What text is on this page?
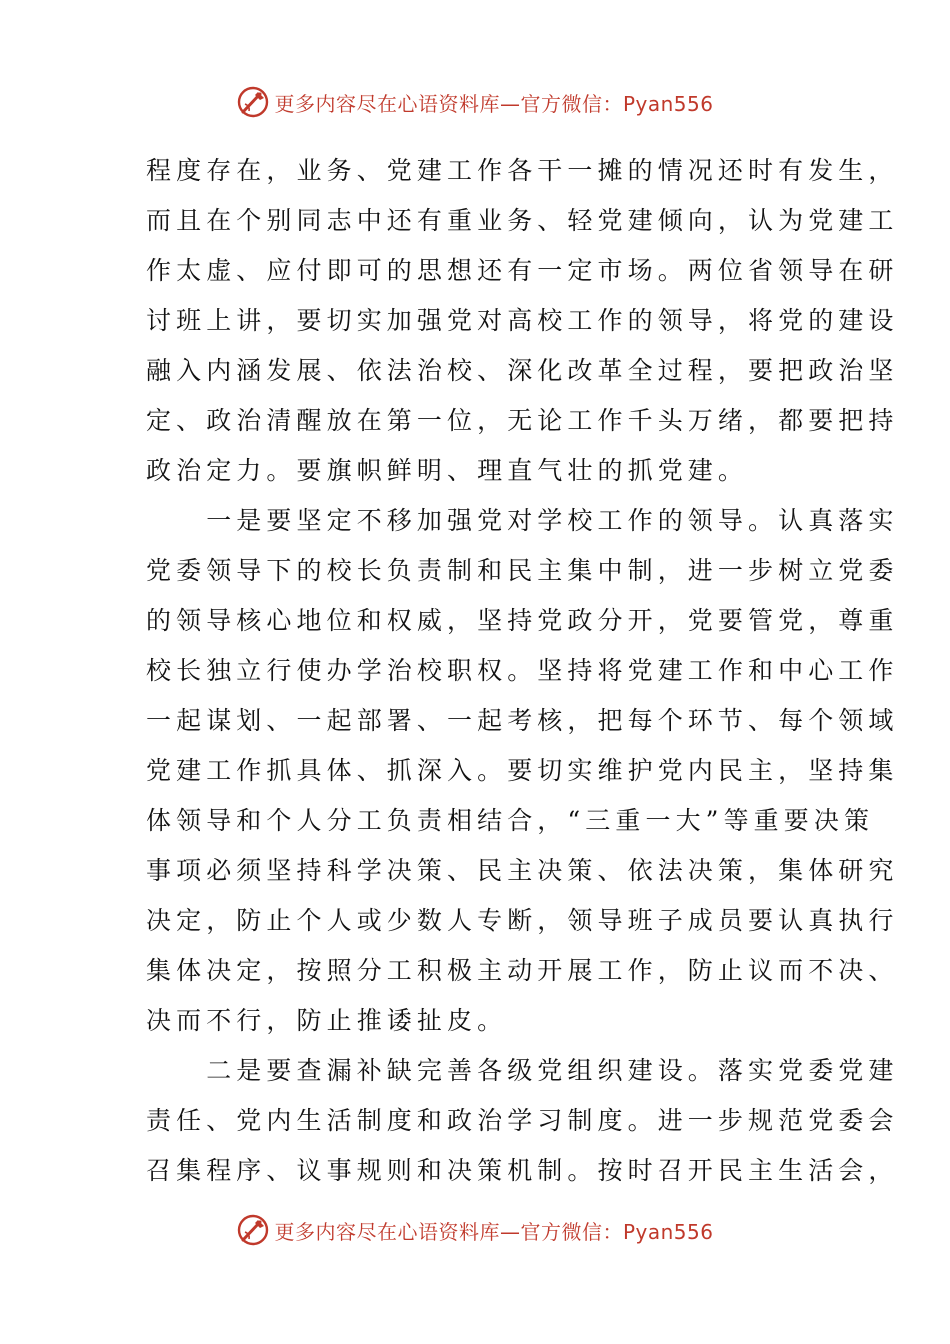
更多内容尽在心语资料库—官方微信：Pyan556
程度存在，业务、党建工作各干一摊的情况还时有发生，
而且在个别同志中还有重业务、轻党建倾向，认为党建工
作太虚、应付即可的思想还有一定市场。两位省领导在研
讨班上讲，要切实加强党对高校工作的领导，将党的建设
融入内涵发展、依法治校、深化改革全过程，要把政治坚
定、政治清醒放在第一位，无论工作千头万绪，都要把持
政治定力。要旗帜鲜明、理直气壮的抓党建。
　　一是要坚定不移加强党对学校工作的领导。认真落实
党委领导下的校长负责制和民主集中制，进一步树立党委
的领导核心地位和权威，坚持党政分开，党要管党，尊重
校长独立行使办学治校职权。坚持将党建工作和中心工作
一起谋划、一起部署、一起考核，把每个环节、每个领域
党建工作抓具体、抓深入。要切实维护党内民主，坚持集
体领导和个人分工负责相结合，“三重一大”等重要决策
事项必须坚持科学决策、民主决策、依法决策，集体研究
决定，防止个人或少数人专断，领导班子成员要认真执行
集体决定，按照分工积极主动开展工作，防止议而不决、
决而不行，防止推诿扯皮。
　　二是要查漏补缺完善各级党组织建设。落实党委党建
责任、党内生活制度和政治学习制度。进一步规范党委会
召集程序、议事规则和决策机制。按时召开民主生活会，
更多内容尽在心语资料库—官方微信：Pyan556
